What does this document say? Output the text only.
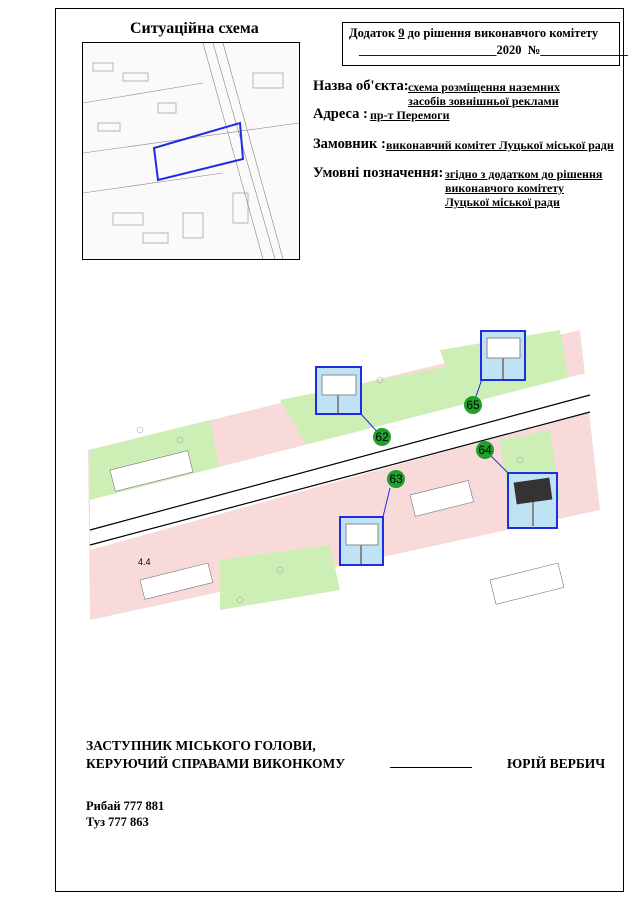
Ситуаційна схема	Додаток 9 до рішення виконавчого комітету
______________________2020 №______________
Назва об'єкта: схема розміщення наземних
засобів зовнішньої реклами
Адреса : пр-т Перемоги
Замовник : виконавчий комітет Луцької міської ради
Умовні позначення: згідно з додатком до рішення
виконавчого комітету
Луцької міської ради
4.4
62
63
64
65
ЗАСТУПНИК МІСЬКОГО ГОЛОВИ,
КЕРУЮЧИЙ СПРАВАМИ ВИКОНКОМУ	ЮРІЙ ВЕРБИЧ
Рибай 777 881
Туз 777 863
